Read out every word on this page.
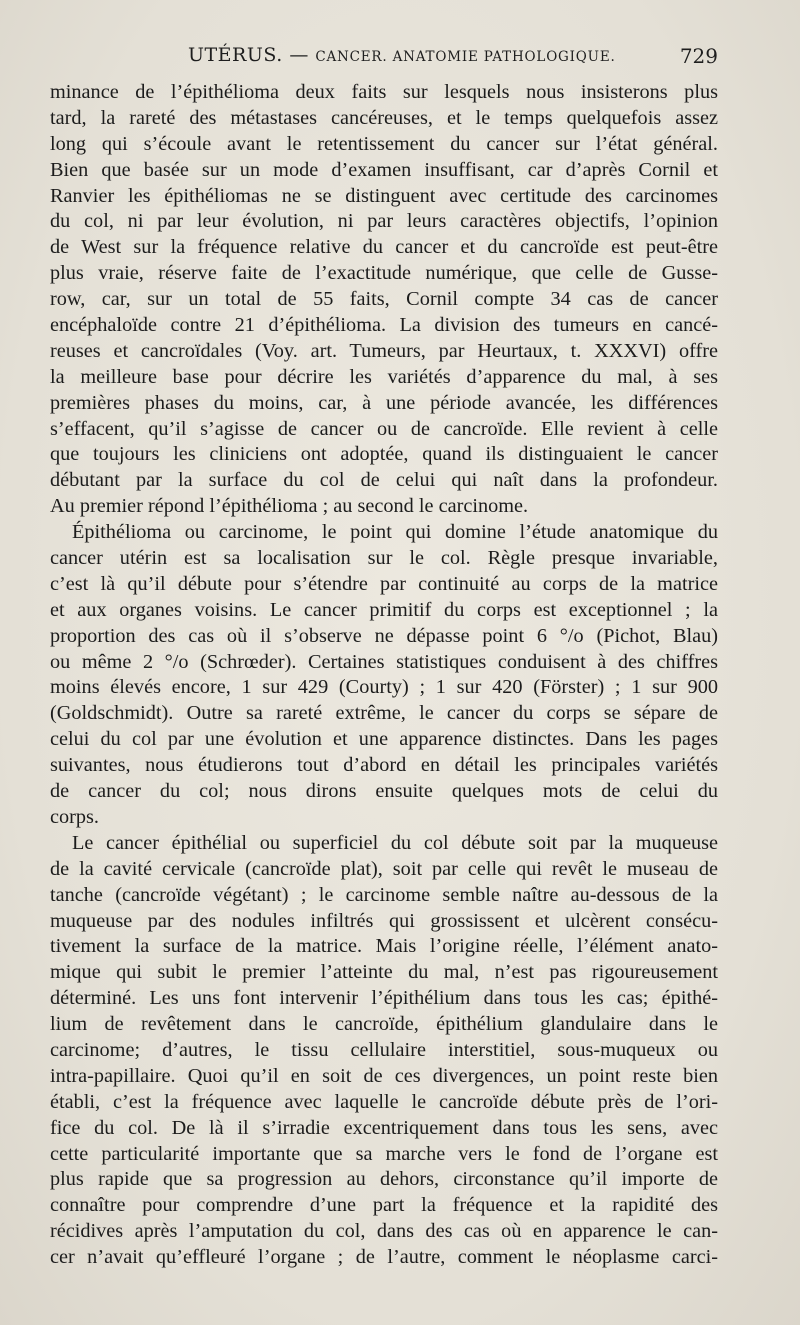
UTÉRUS. — CANCER. ANATOMIE PATHOLOGIQUE.	729
minance de l’épithélioma deux faits sur lesquels nous insisterons plus
tard, la rareté des métastases cancéreuses, et le temps quelquefois assez
long qui s’écoule avant le retentissement du cancer sur l’état général.
Bien que basée sur un mode d’examen insuffisant, car d’après Cornil et
Ranvier les épithéliomas ne se distinguent avec certitude des carcinomes
du col, ni par leur évolution, ni par leurs caractères objectifs, l’opinion
de West sur la fréquence relative du cancer et du cancroïde est peut-être
plus vraie, réserve faite de l’exactitude numérique, que celle de Gusse-
row, car, sur un total de 55 faits, Cornil compte 34 cas de cancer
encéphaloïde contre 21 d’épithélioma. La division des tumeurs en cancé-
reuses et cancroïdales (Voy. art. Tumeurs, par Heurtaux, t. XXXVI) offre
la meilleure base pour décrire les variétés d’apparence du mal, à ses
premières phases du moins, car, à une période avancée, les différences
s’effacent, qu’il s’agisse de cancer ou de cancroïde. Elle revient à celle
que toujours les cliniciens ont adoptée, quand ils distinguaient le cancer
débutant par la surface du col de celui qui naît dans la profondeur.
Au premier répond l’épithélioma ; au second le carcinome.
Épithélioma ou carcinome, le point qui domine l’étude anatomique du
cancer utérin est sa localisation sur le col. Règle presque invariable,
c’est là qu’il débute pour s’étendre par continuité au corps de la matrice
et aux organes voisins. Le cancer primitif du corps est exceptionnel ; la
proportion des cas où il s’observe ne dépasse point 6 °/o (Pichot, Blau)
ou même 2 °/o (Schrœder). Certaines statistiques conduisent à des chiffres
moins élevés encore, 1 sur 429 (Courty) ; 1 sur 420 (Förster) ; 1 sur 900
(Goldschmidt). Outre sa rareté extrême, le cancer du corps se sépare de
celui du col par une évolution et une apparence distinctes. Dans les pages
suivantes, nous étudierons tout d’abord en détail les principales variétés
de cancer du col; nous dirons ensuite quelques mots de celui du
corps.
Le cancer épithélial ou superficiel du col débute soit par la muqueuse
de la cavité cervicale (cancroïde plat), soit par celle qui revêt le museau de
tanche (cancroïde végétant) ; le carcinome semble naître au-dessous de la
muqueuse par des nodules infiltrés qui grossissent et ulcèrent consécu-
tivement la surface de la matrice. Mais l’origine réelle, l’élément anato-
mique qui subit le premier l’atteinte du mal, n’est pas rigoureusement
déterminé. Les uns font intervenir l’épithélium dans tous les cas; épithé-
lium de revêtement dans le cancroïde, épithélium glandulaire dans le
carcinome; d’autres, le tissu cellulaire interstitiel, sous-muqueux ou
intra-papillaire. Quoi qu’il en soit de ces divergences, un point reste bien
établi, c’est la fréquence avec laquelle le cancroïde débute près de l’ori-
fice du col. De là il s’irradie excentriquement dans tous les sens, avec
cette particularité importante que sa marche vers le fond de l’organe est
plus rapide que sa progression au dehors, circonstance qu’il importe de
connaître pour comprendre d’une part la fréquence et la rapidité des
récidives après l’amputation du col, dans des cas où en apparence le can-
cer n’avait qu’effleuré l’organe ; de l’autre, comment le néoplasme carci-
